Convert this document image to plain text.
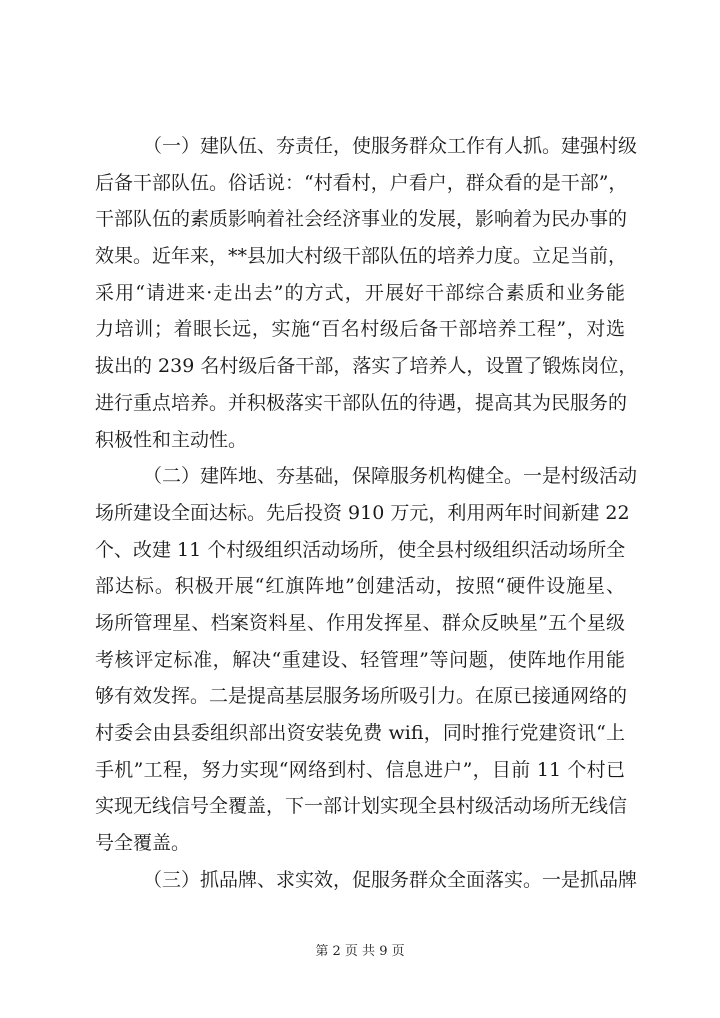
（一）建队伍、夯责任，使服务群众工作有人抓。建强村级
后备干部队伍。俗话说：“村看村，户看户，群众看的是干部”，
干部队伍的素质影响着社会经济事业的发展，影响着为民办事的
效果。近年来，**县加大村级干部队伍的培养力度。立足当前，
采用“请进来·走出去”的方式，开展好干部综合素质和业务能
力培训；着眼长远，实施“百名村级后备干部培养工程”，对选
拔出的 239 名村级后备干部，落实了培养人，设置了锻炼岗位，
进行重点培养。并积极落实干部队伍的待遇，提高其为民服务的
积极性和主动性。
（二）建阵地、夯基础，保障服务机构健全。一是村级活动
场所建设全面达标。先后投资 910 万元，利用两年时间新建 22
个、改建 11 个村级组织活动场所，使全县村级组织活动场所全
部达标。积极开展“红旗阵地”创建活动，按照“硬件设施星、
场所管理星、档案资料星、作用发挥星、群众反映星”五个星级
考核评定标准，解决“重建设、轻管理”等问题，使阵地作用能
够有效发挥。二是提高基层服务场所吸引力。在原已接通网络的
村委会由县委组织部出资安装免费 wifi，同时推行党建资讯“上
手机”工程，努力实现“网络到村、信息进户”，目前 11 个村已
实现无线信号全覆盖，下一部计划实现全县村级活动场所无线信
号全覆盖。
（三）抓品牌、求实效，促服务群众全面落实。一是抓品牌
第 2 页 共 9 页
